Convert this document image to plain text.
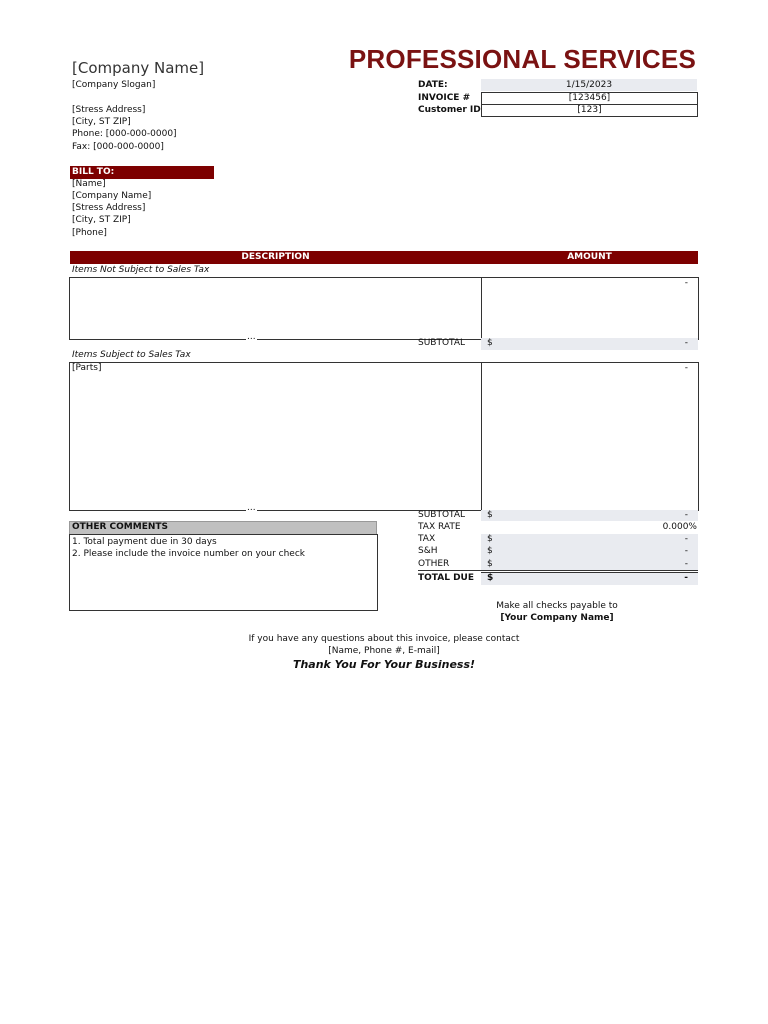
[Company Name]
[Company Slogan]
PROFESSIONAL SERVICES
[Stress Address]
[City, ST ZIP]
Phone: [000-000-0000]
Fax: [000-000-0000]
DATE:	1/15/2023
INVOICE #	[123456]
Customer ID	[123]
BILL TO:
[Name]
[Company Name]
[Stress Address]
[City, ST ZIP]
[Phone]
DESCRIPTION	AMOUNT
Items Not Subject to Sales Tax
-
...
SUBTOTAL $	-
Items Subject to Sales Tax
[Parts]	-
...
SUBTOTAL $	-
TAX RATE	0.000%
TAX	$	-
S&H	$	-
OTHER	$	-
TOTAL DUE $	-
OTHER COMMENTS
1. Total payment due in 30 days
2. Please include the invoice number on your check
Make all checks payable to
[Your Company Name]
If you have any questions about this invoice, please contact
[Name, Phone #, E-mail]
Thank You For Your Business!
